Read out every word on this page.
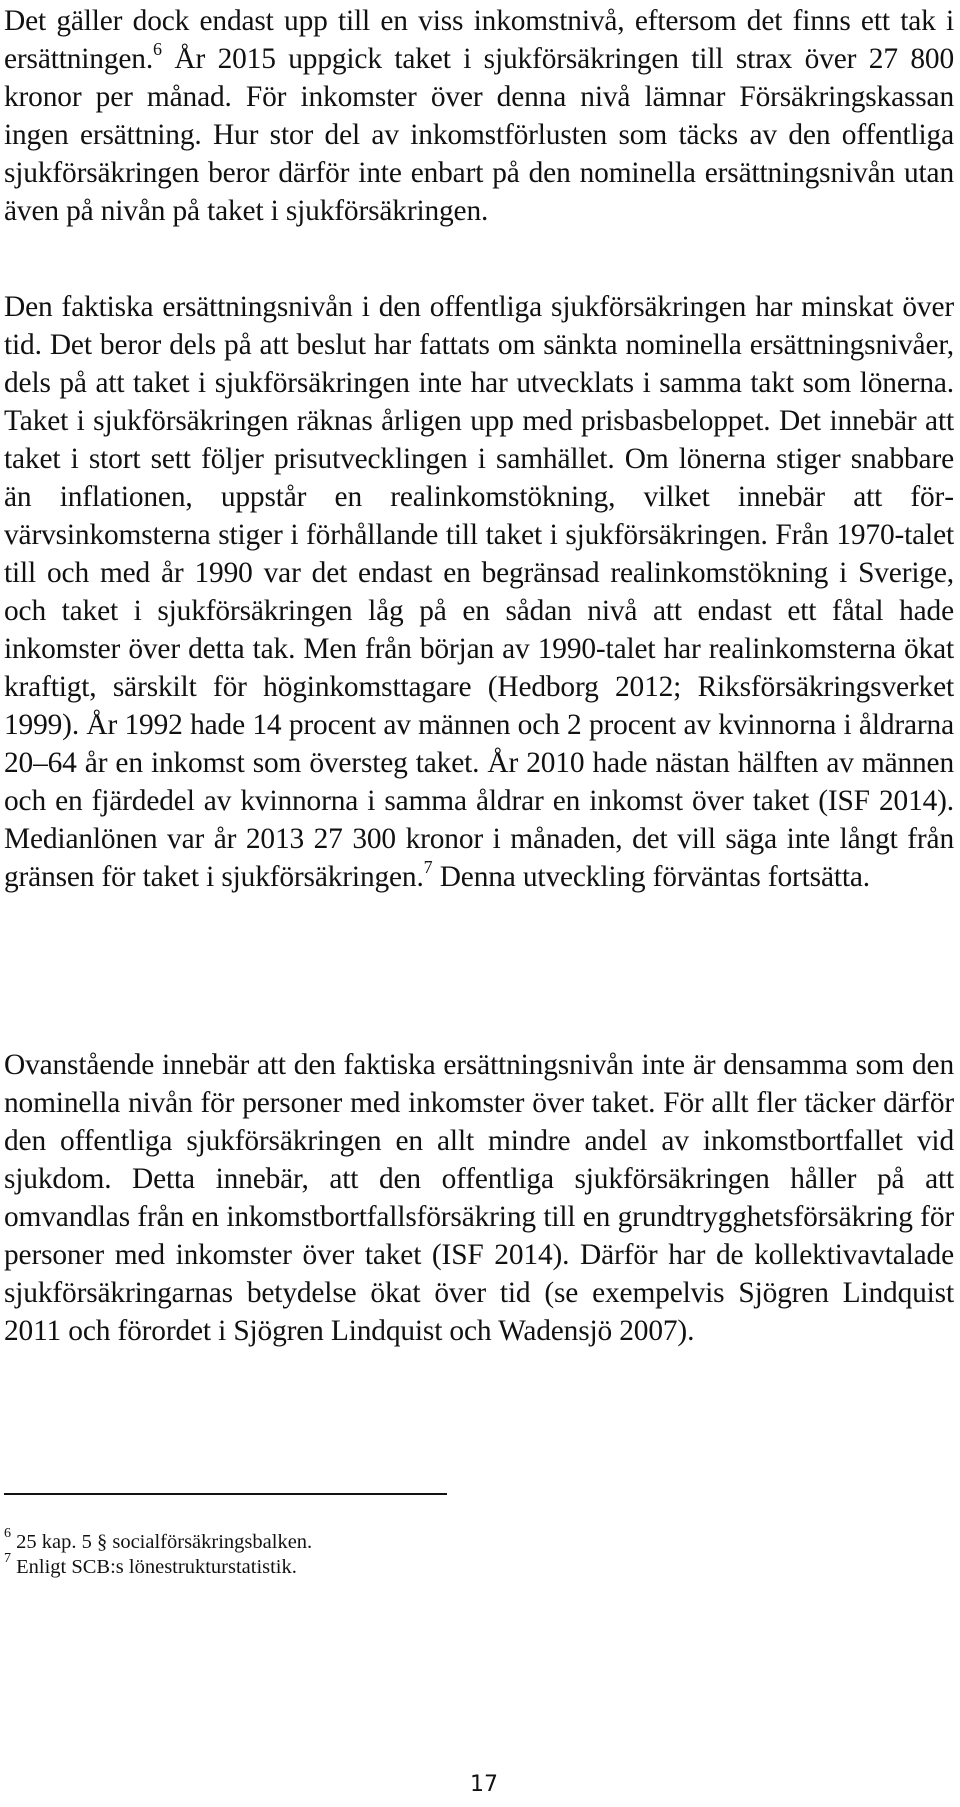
Det gäller dock endast upp till en viss inkomstnivå, eftersom det finns ett tak i ersättningen.$^6$ År 2015 uppgick taket i sjukförsäkringen till strax över 27 800 kronor per månad. För inkomster över denna nivå lämnar Försäkringskassan ingen ersättning. Hur stor del av inkomstförlusten som täcks av den offentliga sjukförsäkringen beror därför inte enbart på den nominella ersättningsnivån utan även på nivån på taket i sjukförsäkringen.

Den faktiska ersättningsnivån i den offentliga sjukförsäkringen har minskat över tid. Det beror dels på att beslut har fattats om sänkta nominella ersättningsnivåer, dels på att taket i sjukförsäkringen inte har utvecklats i samma takt som lönerna. Taket i sjukförsäkringen räknas årligen upp med prisbasbeloppet. Det innebär att taket i stort sett följer prisutvecklingen i samhället. Om lönerna stiger snabbare än inflationen, uppstår en realinkomstökning, vilket innebär att förvärvsinkomsterna stiger i förhållande till taket i sjukförsäkringen. Från 1970-talet till och med år 1990 var det endast en begränsad realinkomstökning i Sverige, och taket i sjukförsäkringen låg på en sådan nivå att endast ett fåtal hade inkomster över detta tak. Men från början av 1990-talet har realinkomsterna ökat kraftigt, särskilt för höginkomsttagare (Hedborg 2012; Riksförsäkringsverket 1999). År 1992 hade 14 procent av männen och 2 procent av kvinnorna i åldrarna 20–64 år en inkomst som översteg taket. År 2010 hade nästan hälften av männen och en fjärdedel av kvinnorna i samma åldrar en inkomst över taket (ISF 2014). Medianlönen var år 2013 27 300 kronor i månaden, det vill säga inte långt från gränsen för taket i sjukförsäkringen.$^7$ Denna utveckling förväntas fortsätta.

Ovanstående innebär att den faktiska ersättningsnivån inte är densamma som den nominella nivån för personer med inkomster över taket. För allt fler täcker därför den offentliga sjukförsäkringen en allt mindre andel av inkomstbortfallet vid sjukdom. Detta innebär, att den offentliga sjukförsäkringen håller på att omvandlas från en inkomstbortfallsförsäkring till en grundtrygghetsförsäkring för personer med inkomster över taket (ISF 2014). Därför har de kollektivavtalade sjukförsäkringarnas betydelse ökat över tid (se exempelvis Sjögren Lindquist 2011 och förordet i Sjögren Lindquist och Wadensjö 2007).

$^6$ 25 kap. 5 § socialförsäkringsbalken.
$^7$ Enligt SCB:s lönestrukturstatistik.
17
